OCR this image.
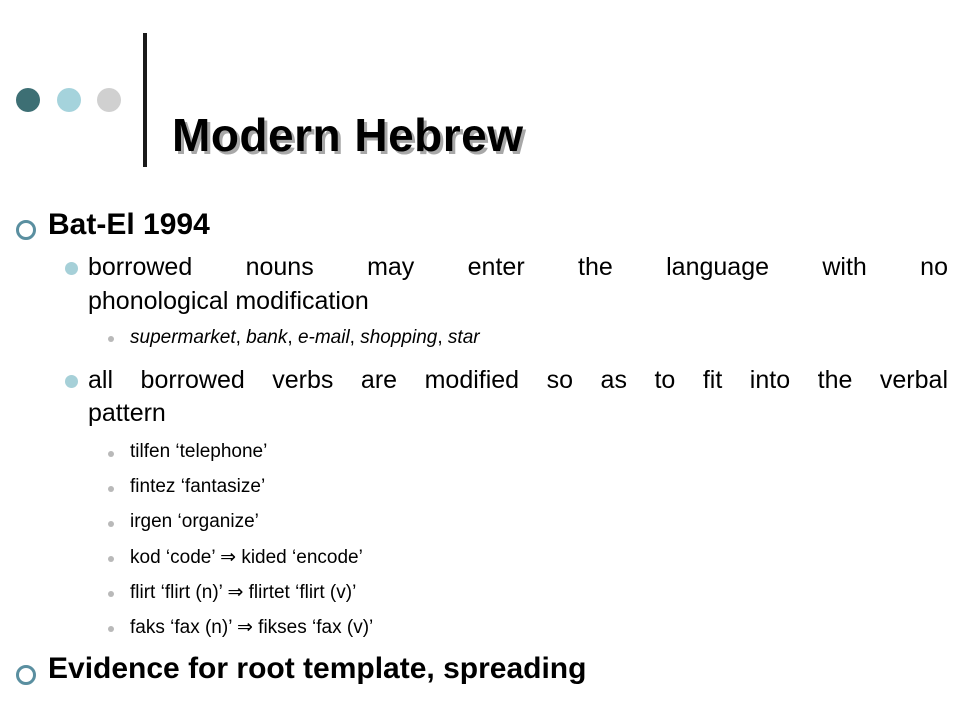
Modern Hebrew
Bat-El 1994
borrowed nouns may enter the language with no
phonological modification
supermarket, bank, e-mail, shopping, star
all borrowed verbs are modified so as to fit into the verbal
pattern
tilfen ‘telephone’
fintez ‘fantasize’
irgen ‘organize’
kod ‘code’ ⇒ kided ‘encode’
flirt ‘flirt (n)’ ⇒ flirtet ‘flirt (v)’
faks ‘fax (n)’ ⇒ fikses ‘fax (v)’
Evidence for root template, spreading
